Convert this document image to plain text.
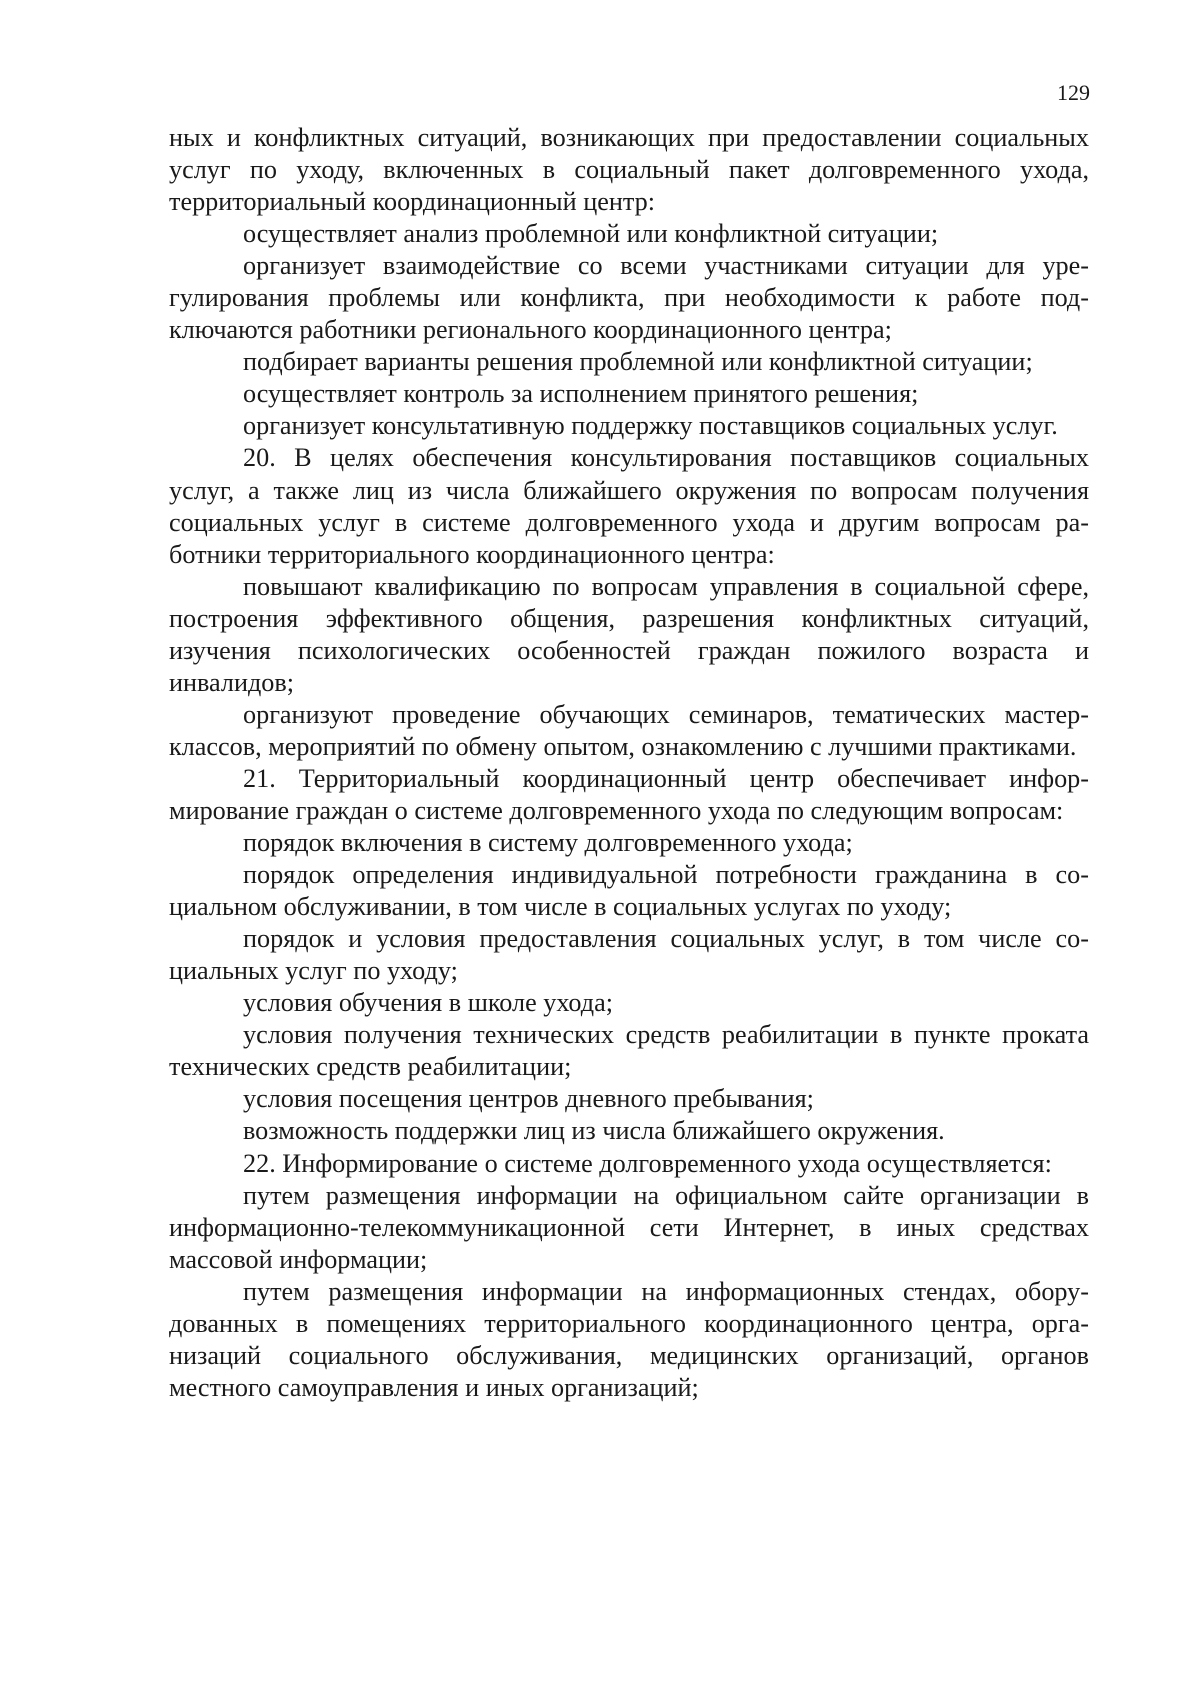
129

ных и конфликтных ситуаций, возникающих при предоставлении социальных услуг по уходу, включенных в социальный пакет долговременного ухода, территориальный координационный центр:

осуществляет анализ проблемной или конфликтной ситуации;

организует взаимодействие со всеми участниками ситуации для урегулирования проблемы или конфликта, при необходимости к работе подключаются работники регионального координационного центра;

подбирает варианты решения проблемной или конфликтной ситуации;

осуществляет контроль за исполнением принятого решения;

организует консультативную поддержку поставщиков социальных услуг.

20. В целях обеспечения консультирования поставщиков социальных услуг, а также лиц из числа ближайшего окружения по вопросам получения социальных услуг в системе долговременного ухода и другим вопросам работники территориального координационного центра:

повышают квалификацию по вопросам управления в социальной сфере, построения эффективного общения, разрешения конфликтных ситуаций, изучения психологических особенностей граждан пожилого возраста и инвалидов;

организуют проведение обучающих семинаров, тематических мастер-классов, мероприятий по обмену опытом, ознакомлению с лучшими практиками.

21. Территориальный координационный центр обеспечивает информирование граждан о системе долговременного ухода по следующим вопросам:

порядок включения в систему долговременного ухода;

порядок определения индивидуальной потребности гражданина в социальном обслуживании, в том числе в социальных услугах по уходу;

порядок и условия предоставления социальных услуг, в том числе социальных услуг по уходу;

условия обучения в школе ухода;

условия получения технических средств реабилитации в пункте проката технических средств реабилитации;

условия посещения центров дневного пребывания;

возможность поддержки лиц из числа ближайшего окружения.

22. Информирование о системе долговременного ухода осуществляется:

путем размещения информации на официальном сайте организации в информационно-телекоммуникационной сети Интернет, в иных средствах массовой информации;

путем размещения информации на информационных стендах, оборудованных в помещениях территориального координационного центра, организаций социального обслуживания, медицинских организаций, органов местного самоуправления и иных организаций;
